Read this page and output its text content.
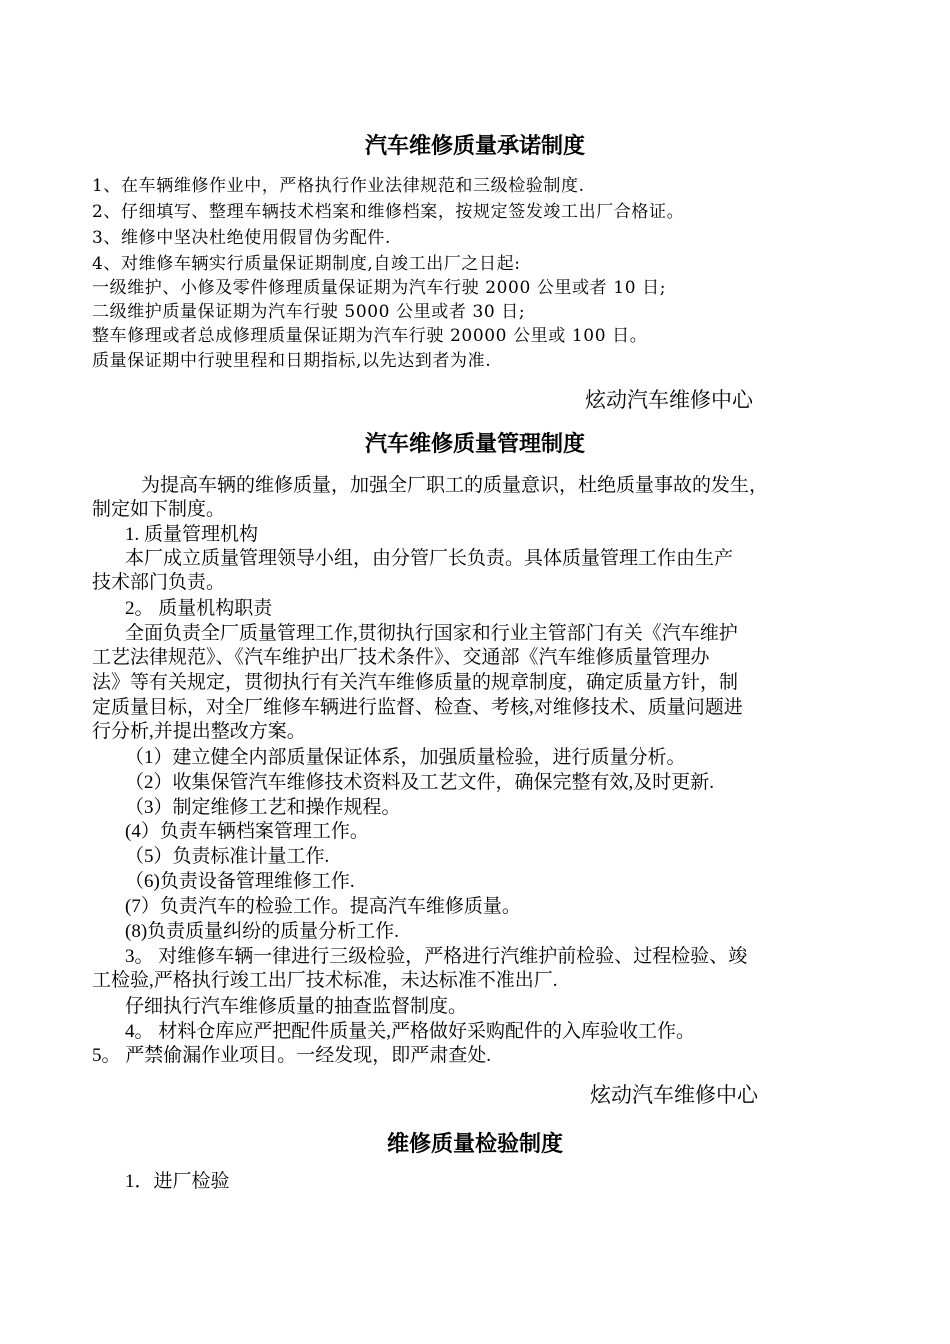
汽车维修质量承诺制度
1、在车辆维修作业中，严格执行作业法律规范和三级检验制度.
2、仔细填写、整理车辆技术档案和维修档案，按规定签发竣工出厂合格证。
3、维修中坚决杜绝使用假冒伪劣配件.
4、对维修车辆实行质量保证期制度,自竣工出厂之日起:
一级维护、小修及零件修理质量保证期为汽车行驶 2000 公里或者 10 日;
二级维护质量保证期为汽车行驶 5000 公里或者 30 日;
整车修理或者总成修理质量保证期为汽车行驶 20000 公里或 100 日。
质量保证期中行驶里程和日期指标,以先达到者为准.
炫动汽车维修中心
汽车维修质量管理制度
为提高车辆的维修质量，加强全厂职工的质量意识，杜绝质量事故的发生，
制定如下制度。
1. 质量管理机构
本厂成立质量管理领导小组，由分管厂长负责。具体质量管理工作由生产
技术部门负责。
2。 质量机构职责
全面负责全厂质量管理工作,贯彻执行国家和行业主管部门有关《汽车维护
工艺法律规范》、《汽车维护出厂技术条件》、交通部《汽车维修质量管理办
法》等有关规定，贯彻执行有关汽车维修质量的规章制度，确定质量方针，制
定质量目标，对全厂维修车辆进行监督、检查、考核,对维修技术、质量问题进
行分析,并提出整改方案。
（1）建立健全内部质量保证体系，加强质量检验，进行质量分析。
（2）收集保管汽车维修技术资料及工艺文件，确保完整有效,及时更新.
（3）制定维修工艺和操作规程。
(4）负责车辆档案管理工作。
（5）负责标准计量工作.
（6)负责设备管理维修工作.
(7）负责汽车的检验工作。提高汽车维修质量。
(8)负责质量纠纷的质量分析工作.
3。 对维修车辆一律进行三级检验，严格进行汽维护前检验、过程检验、竣
工检验,严格执行竣工出厂技术标准，未达标准不准出厂.
仔细执行汽车维修质量的抽查监督制度。
4。 材料仓库应严把配件质量关,严格做好采购配件的入库验收工作。
5。 严禁偷漏作业项目。一经发现，即严肃查处.
炫动汽车维修中心
维修质量检验制度
1．进厂检验
